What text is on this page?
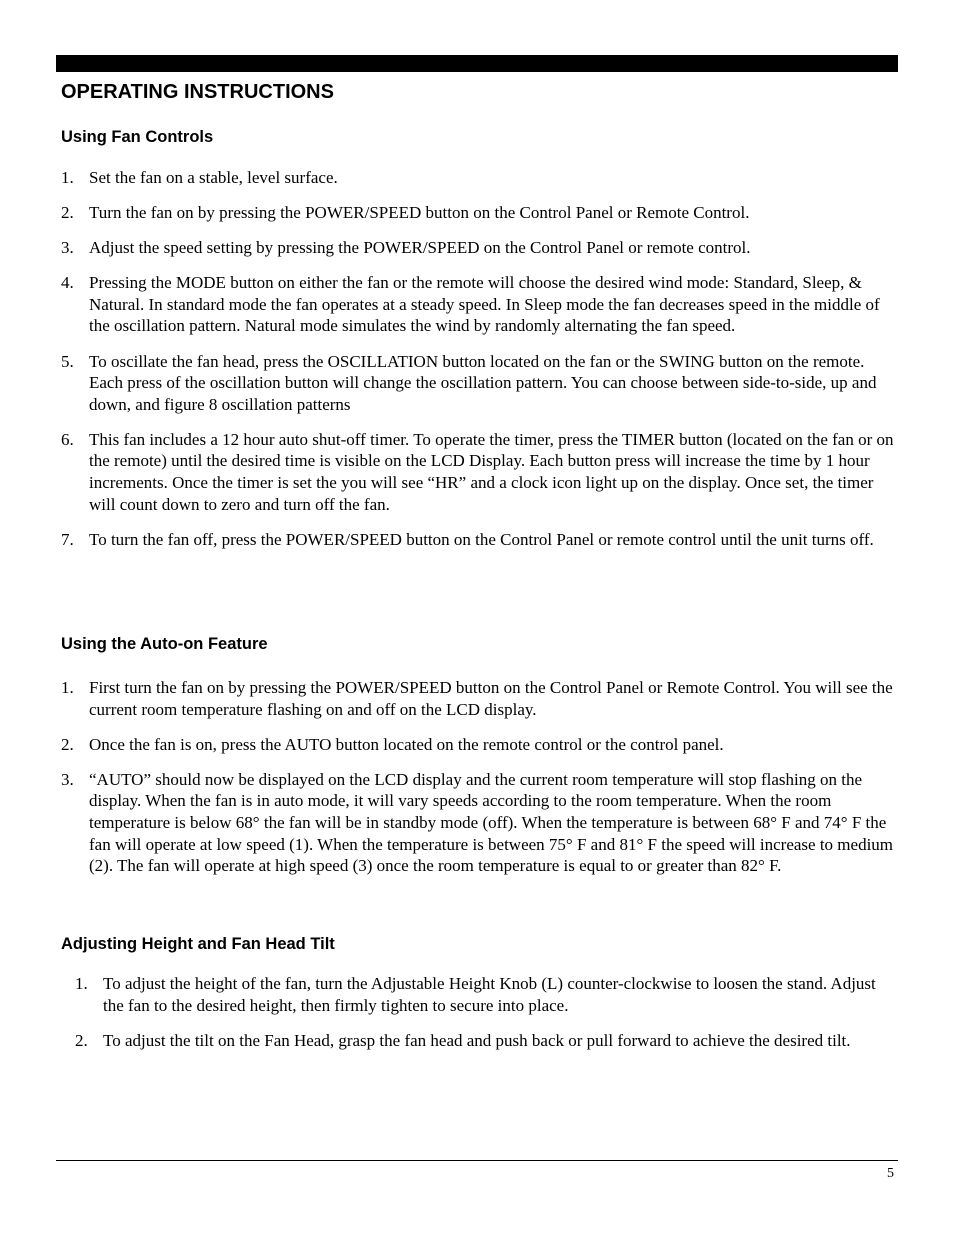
OPERATING INSTRUCTIONS
Using Fan Controls
1. Set the fan on a stable, level surface.
2. Turn the fan on by pressing the POWER/SPEED button on the Control Panel or Remote Control.
3. Adjust the speed setting by pressing the POWER/SPEED on the Control Panel or remote control.
4. Pressing the MODE button on either the fan or the remote will choose the desired wind mode: Standard, Sleep, & Natural. In standard mode the fan operates at a steady speed. In Sleep mode the fan decreases speed in the middle of the oscillation pattern. Natural mode simulates the wind by randomly alternating the fan speed.
5. To oscillate the fan head, press the OSCILLATION button located on the fan or the SWING button on the remote. Each press of the oscillation button will change the oscillation pattern. You can choose between side-to-side, up and down, and figure 8 oscillation patterns
6. This fan includes a 12 hour auto shut-off timer. To operate the timer, press the TIMER button (located on the fan or on the remote) until the desired time is visible on the LCD Display. Each button press will increase the time by 1 hour increments. Once the timer is set the you will see “HR” and a clock icon light up on the display. Once set, the timer will count down to zero and turn off the fan.
7. To turn the fan off, press the POWER/SPEED button on the Control Panel or remote control until the unit turns off.
Using the Auto-on Feature
1. First turn the fan on by pressing the POWER/SPEED button on the Control Panel or Remote Control. You will see the current room temperature flashing on and off on the LCD display.
2. Once the fan is on, press the AUTO button located on the remote control or the control panel.
3. “AUTO” should now be displayed on the LCD display and the current room temperature will stop flashing on the display. When the fan is in auto mode, it will vary speeds according to the room temperature. When the room temperature is below 68° the fan will be in standby mode (off). When the temperature is between 68° F and 74° F the fan will operate at low speed (1). When the temperature is between 75° F and 81° F the speed will increase to medium (2). The fan will operate at high speed (3) once the room temperature is equal to or greater than 82° F.
Adjusting Height and Fan Head Tilt
1. To adjust the height of the fan, turn the Adjustable Height Knob (L) counter-clockwise to loosen the stand. Adjust the fan to the desired height, then firmly tighten to secure into place.
2. To adjust the tilt on the Fan Head, grasp the fan head and push back or pull forward to achieve the desired tilt.
5
